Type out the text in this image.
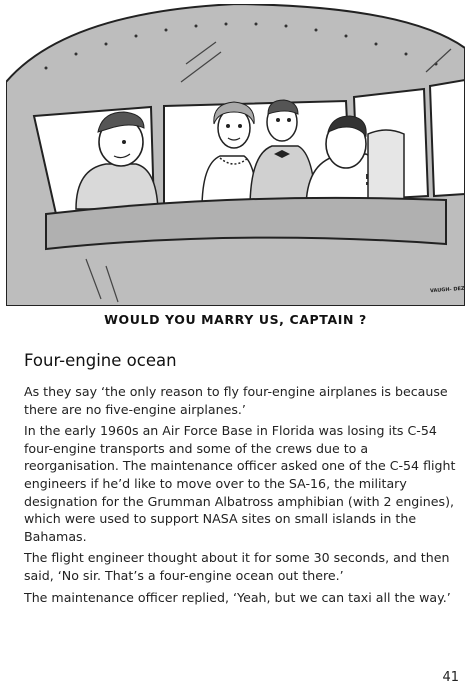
VAUGH- DEZ
WOULD YOU MARRY US, CAPTAIN ?
Four-engine ocean

As they say ‘the only reason to fly four-engine airplanes is because there are no five-engine airplanes.’

In the early 1960s an Air Force Base in Florida was losing its C-54 four-engine transports and some of the crews due to a reorganisation. The maintenance officer asked one of the C-54 flight engineers if he’d like to move over to the SA-16, the military designation for the Grumman Albatross amphibian (with 2 engines), which were used to support NASA sites on small islands in the Bahamas.

The flight engineer thought about it for some 30 seconds, and then said, ‘No sir. That’s a four-engine ocean out there.’

The maintenance officer replied, ‘Yeah, but we can taxi all the way.’

41
